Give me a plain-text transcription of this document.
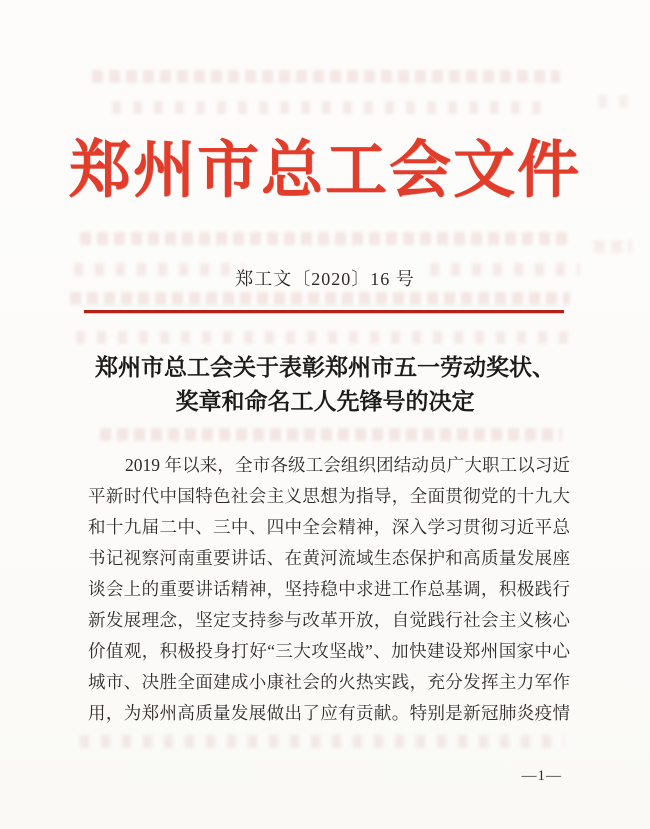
郑州市总工会文件
郑工文〔2020〕16 号
郑州市总工会关于表彰郑州市五一劳动奖状、
奖章和命名工人先锋号的决定
2019 年以来，全市各级工会组织团结动员广大职工以习近
平新时代中国特色社会主义思想为指导，全面贯彻党的十九大
和十九届二中、三中、四中全会精神，深入学习贯彻习近平总
书记视察河南重要讲话、在黄河流域生态保护和高质量发展座
谈会上的重要讲话精神，坚持稳中求进工作总基调，积极践行
新发展理念，坚定支持参与改革开放，自觉践行社会主义核心
价值观，积极投身打好“三大攻坚战”、加快建设郑州国家中心
城市、决胜全面建成小康社会的火热实践，充分发挥主力军作
用，为郑州高质量发展做出了应有贡献。特别是新冠肺炎疫情
—1—
